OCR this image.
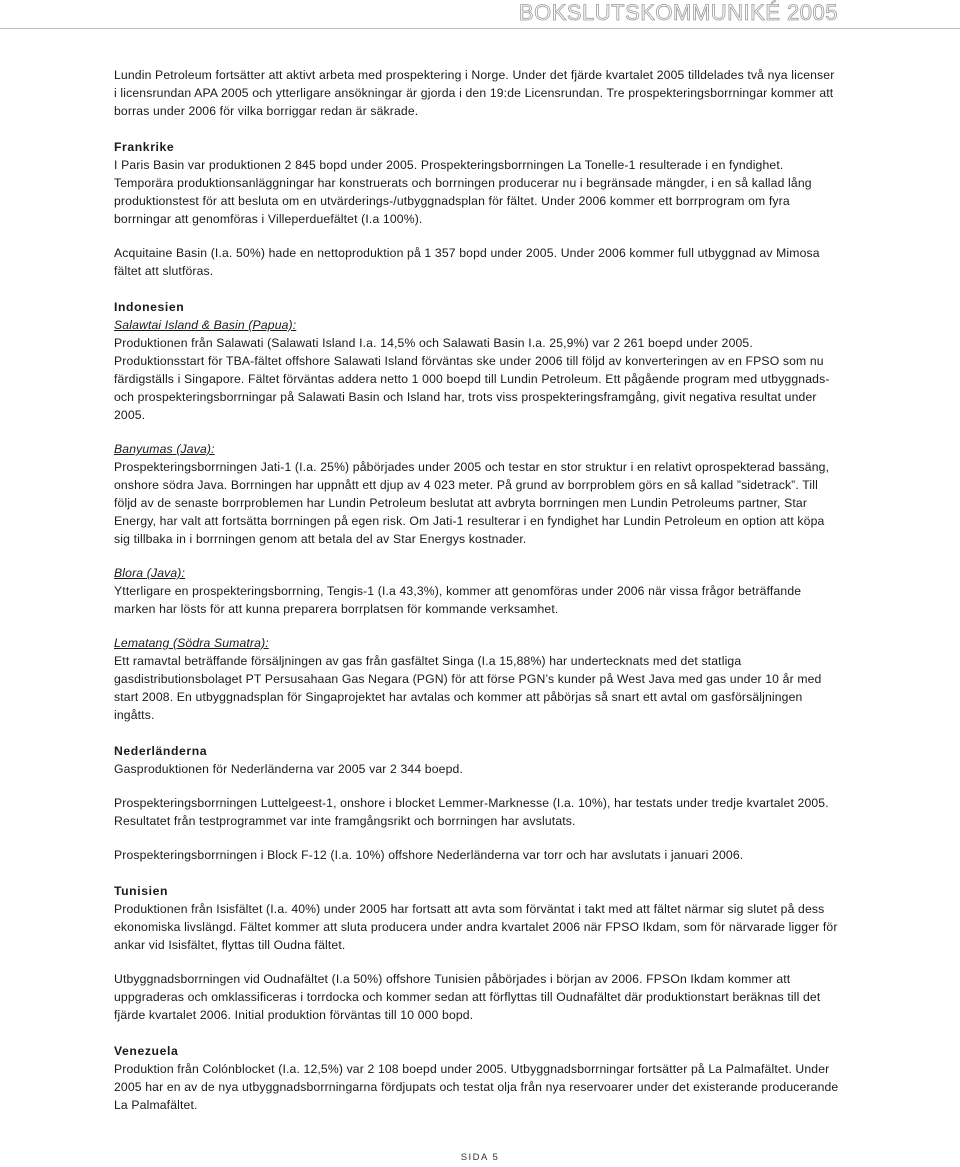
BOKSLUTSKOMMUNIKÉ 2005

Lundin Petroleum fortsätter att aktivt arbeta med prospektering i Norge. Under det fjärde kvartalet 2005 tilldelades två nya licenser i licensrundan APA 2005 och ytterligare ansökningar är gjorda i den 19:de Licensrundan. Tre prospekteringsborrningar kommer att borras under 2006 för vilka borriggar redan är säkrade.

Frankrike

I Paris Basin var produktionen 2 845 bopd under 2005. Prospekteringsborrningen La Tonelle-1 resulterade i en fyndighet. Temporära produktionsanläggningar har konstruerats och borrningen producerar nu i begränsade mängder, i en så kallad lång produktionstest för att besluta om en utvärderings-/utbyggnadsplan för fältet. Under 2006 kommer ett borrprogram om fyra borrningar att genomföras i Villeperduefältet (I.a 100%).

Acquitaine Basin (I.a. 50%) hade en nettoproduktion på 1 357 bopd under 2005. Under 2006 kommer full utbyggnad av Mimosa fältet att slutföras.

Indonesien
Salawtai Island & Basin (Papua):

Produktionen från Salawati (Salawati Island I.a. 14,5% och Salawati Basin I.a. 25,9%) var 2 261 boepd under 2005. Produktionsstart för TBA-fältet offshore Salawati Island förväntas ske under 2006 till följd av konverteringen av en FPSO som nu färdigställs i Singapore. Fältet förväntas addera netto 1 000 boepd till Lundin Petroleum. Ett pågående program med utbyggnads- och prospekteringsborrningar på Salawati Basin och Island har, trots viss prospekteringsframgång, givit negativa resultat under 2005.

Banyumas (Java):

Prospekteringsborrningen Jati-1 (I.a. 25%) påbörjades under 2005 och testar en stor struktur i en relativt oprospekterad bassäng, onshore södra Java. Borrningen har uppnått ett djup av 4 023 meter. På grund av borrproblem görs en så kallad ”sidetrack”. Till följd av de senaste borrproblemen har Lundin Petroleum beslutat att avbryta borrningen men Lundin Petroleums partner, Star Energy, har valt att fortsätta borrningen på egen risk. Om Jati-1 resulterar i en fyndighet har Lundin Petroleum en option att köpa sig tillbaka in i borrningen genom att betala del av Star Energys kostnader.

Blora (Java):

Ytterligare en prospekteringsborrning, Tengis-1 (I.a 43,3%), kommer att genomföras under 2006 när vissa frågor beträffande marken har lösts för att kunna preparera borrplatsen för kommande verksamhet.

Lematang (Södra Sumatra):

Ett ramavtal beträffande försäljningen av gas från gasfältet Singa (I.a 15,88%) har undertecknats med det statliga gasdistributionsbolaget PT Persusahaan Gas Negara (PGN) för att förse PGN’s kunder på West Java med gas under 10 år med start 2008. En utbyggnadsplan för Singaprojektet har avtalas och kommer att påbörjas så snart ett avtal om gasförsäljningen ingåtts.

Nederländerna

Gasproduktionen för Nederländerna var 2005 var 2 344 boepd.

Prospekteringsborrningen Luttelgeest-1, onshore i blocket Lemmer-Marknesse (I.a. 10%), har testats under tredje kvartalet 2005. Resultatet från testprogrammet var inte framgångsrikt och borrningen har avslutats.

Prospekteringsborrningen i Block F-12 (I.a. 10%) offshore Nederländerna var torr och har avslutats i januari 2006.

Tunisien

Produktionen från Isisfältet (I.a. 40%) under 2005 har fortsatt att avta som förväntat i takt med att fältet närmar sig slutet på dess ekonomiska livslängd. Fältet kommer att sluta producera under andra kvartalet 2006 när FPSO Ikdam, som för närvarade ligger för ankar vid Isisfältet, flyttas till Oudna fältet.

Utbyggnadsborrningen vid Oudnafältet (I.a 50%) offshore Tunisien påbörjades i början av 2006. FPSOn Ikdam kommer att uppgraderas och omklassificeras i torrdocka och kommer sedan att förflyttas till Oudnafältet där produktionstart beräknas till det fjärde kvartalet 2006. Initial produktion förväntas till 10 000 bopd.

Venezuela

Produktion från Colónblocket (I.a. 12,5%) var 2 108 boepd under 2005. Utbyggnadsborrningar fortsätter på La Palmafältet. Under 2005 har en av de nya utbyggnadsborrningarna fördjupats och testat olja från nya reservoarer under det existerande producerande La Palmafältet.

SIDA 5
